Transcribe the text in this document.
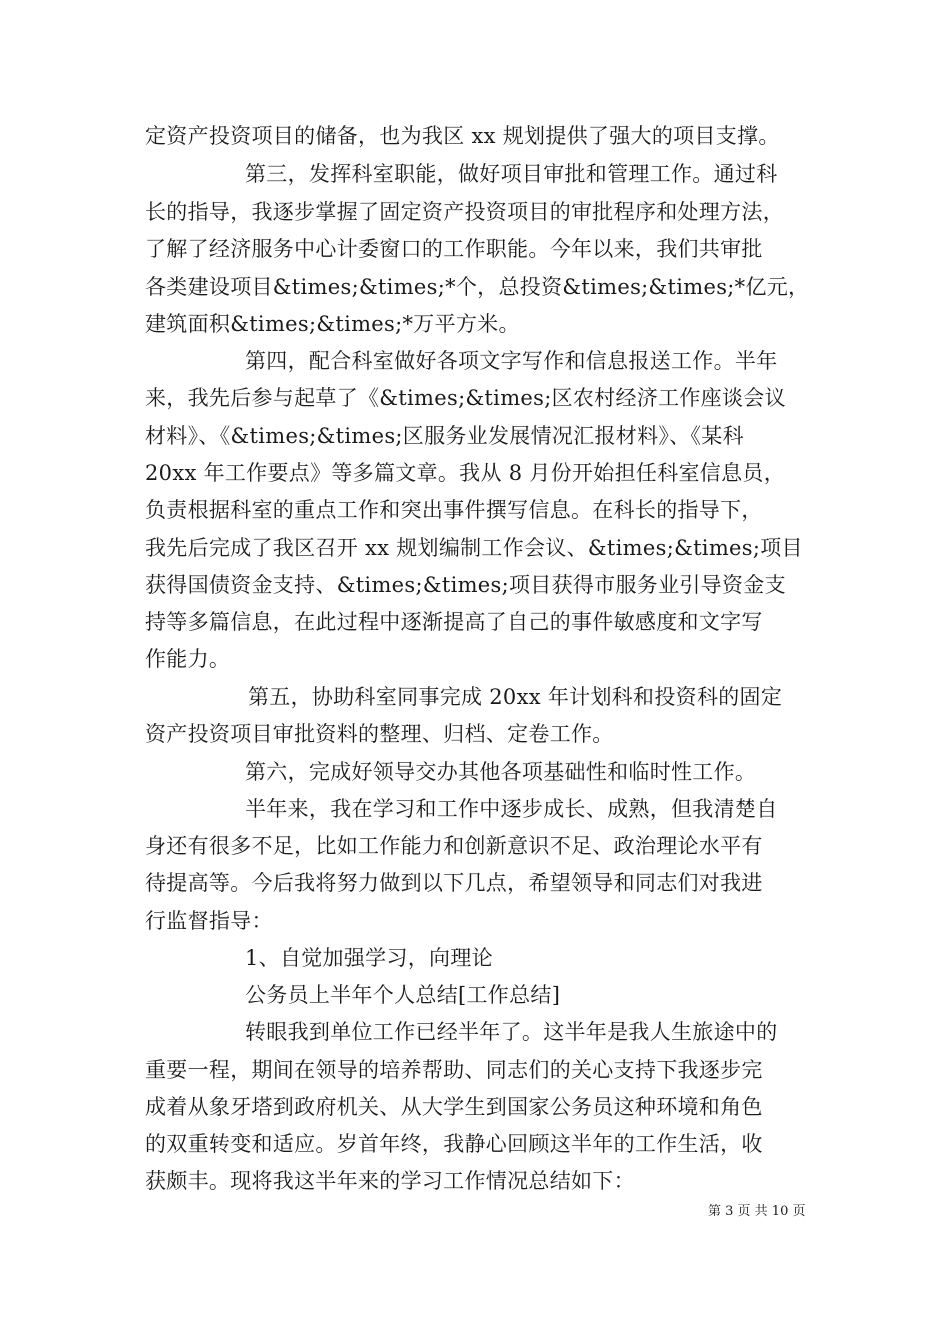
定资产投资项目的储备，也为我区 xx 规划提供了强大的项目支撑。
第三，发挥科室职能，做好项目审批和管理工作。通过科
长的指导，我逐步掌握了固定资产投资项目的审批程序和处理方法，
了解了经济服务中心计委窗口的工作职能。今年以来，我们共审批
各类建设项目&times;&times;*个，总投资&times;&times;*亿元，
建筑面积&times;&times;*万平方米。
第四，配合科室做好各项文字写作和信息报送工作。半年
来，我先后参与起草了《&times;&times;区农村经济工作座谈会议
材料》、《&times;&times;区服务业发展情况汇报材料》、《某科
20xx 年工作要点》等多篇文章。我从 8 月份开始担任科室信息员，
负责根据科室的重点工作和突出事件撰写信息。在科长的指导下，
我先后完成了我区召开 xx 规划编制工作会议、&times;&times;项目
获得国债资金支持、&times;&times;项目获得市服务业引导资金支
持等多篇信息，在此过程中逐渐提高了自己的事件敏感度和文字写
作能力。
第五，协助科室同事完成 20xx 年计划科和投资科的固定
资产投资项目审批资料的整理、归档、定卷工作。
第六，完成好领导交办其他各项基础性和临时性工作。
半年来，我在学习和工作中逐步成长、成熟，但我清楚自
身还有很多不足，比如工作能力和创新意识不足、政治理论水平有
待提高等。今后我将努力做到以下几点，希望领导和同志们对我进
行监督指导：
1、自觉加强学习，向理论
公务员上半年个人总结[工作总结]
转眼我到单位工作已经半年了。这半年是我人生旅途中的
重要一程，期间在领导的培养帮助、同志们的关心支持下我逐步完
成着从象牙塔到政府机关、从大学生到国家公务员这种环境和角色
的双重转变和适应。岁首年终，我静心回顾这半年的工作生活，收
获颇丰。现将我这半年来的学习工作情况总结如下：
第 3 页 共 10 页
